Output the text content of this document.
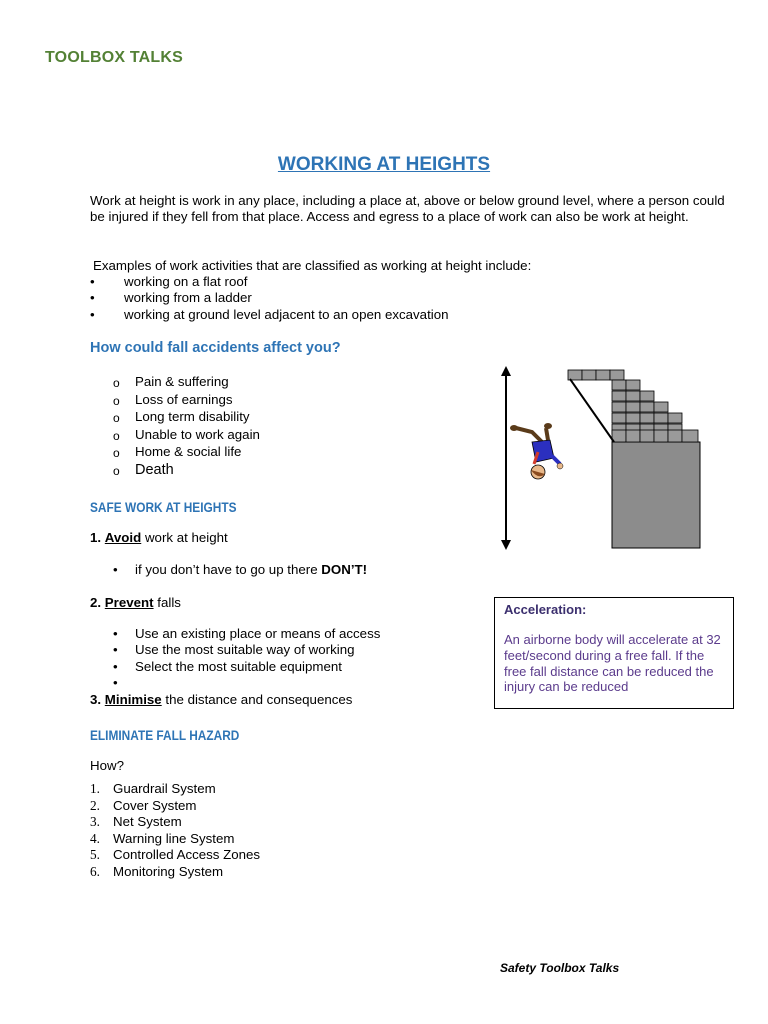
TOOLBOX TALKS
WORKING AT HEIGHTS
Work at height is work in any place, including a place at, above or below ground level, where a person could be injured if they fell from that place. Access and egress to a place of work can also be work at height.
Examples of work activities that are classified as working at height include:
• working on a flat roof
• working from a ladder
• working at ground level adjacent to an open excavation
How could fall accidents affect you?
o Pain & suffering
o Loss of earnings
o Long term disability
o Unable to work again
o Home & social life
o Death
SAFE WORK AT HEIGHTS
1. Avoid work at height
• if you don’t have to go up there DON’T!
2. Prevent falls
• Use an existing place or means of access
• Use the most suitable way of working
• Select the most suitable equipment
•
3. Minimise the distance and consequences
ELIMINATE FALL HAZARD
How?
1. Guardrail System
2. Cover System
3. Net System
4. Warning line System
5. Controlled Access Zones
6. Monitoring System
Acceleration:
An airborne body will accelerate at 32 feet/second during a free fall. If the free fall distance can be reduced the injury can be reduced
Safety Toolbox Talks
